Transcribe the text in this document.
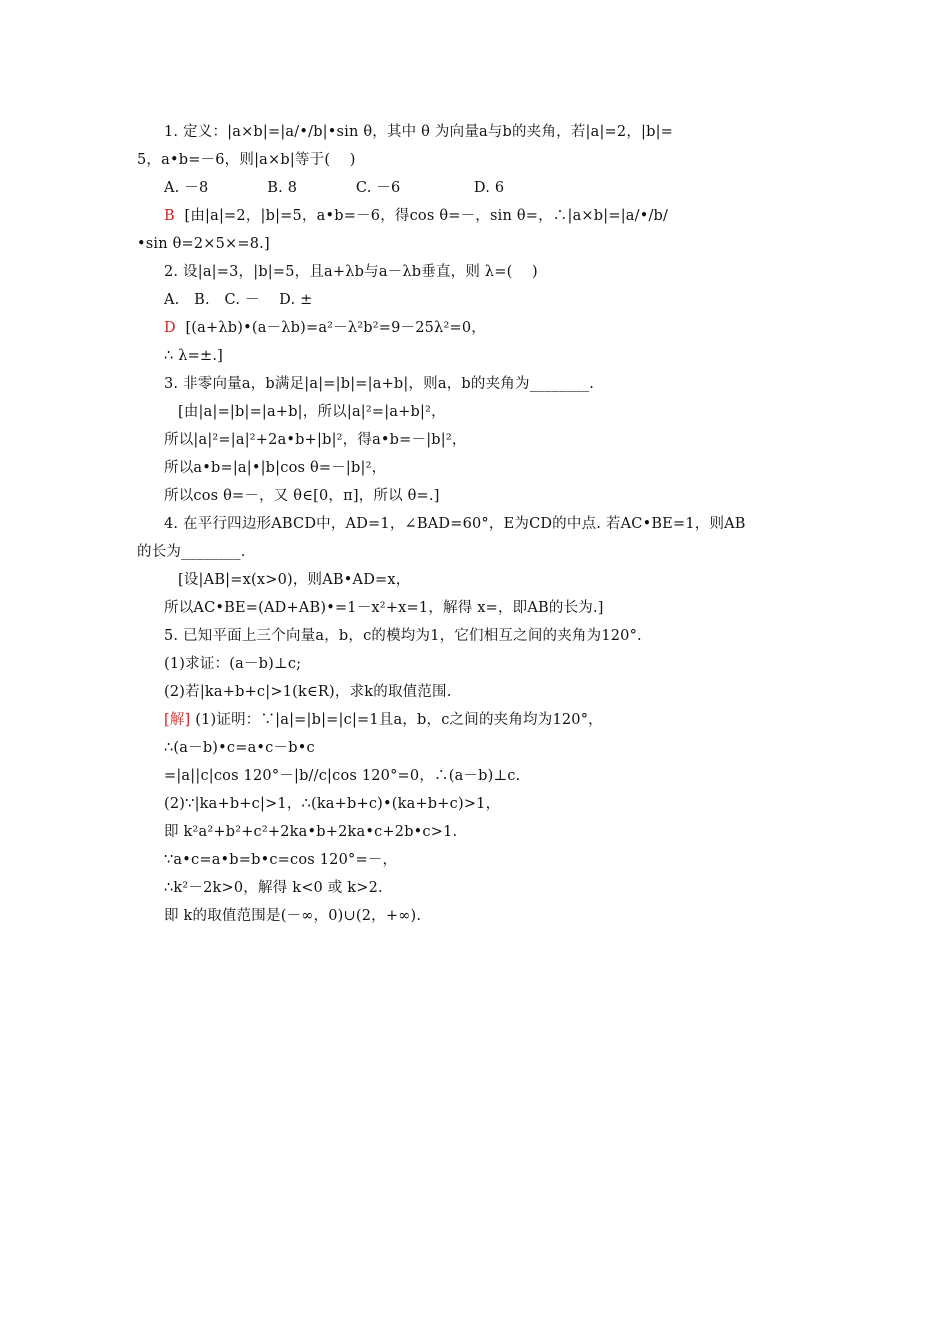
1. 定义：|a×b|=|a/•/b|•sin θ，其中 θ 为向量a与b的夹角，若|a|=2，|b|=
5，a•b=－6，则|a×b|等于(　 )
A. －8　　　　B. 8　　　　C. －6　　　　　D. 6
B [由|a|=2，|b|=5，a•b=－6，得cos θ=－，sin θ=，∴|a×b|=|a/•/b/
•sin θ=2×5×=8.]
2. 设|a|=3，|b|=5，且a+λb与a－λb垂直，则 λ=(　 )
A.　B.　C. －　 D. ±
D [(a+λb)•(a－λb)=a²－λ²b²=9－25λ²=0，
∴ λ=±.]
3. 非零向量a，b满足|a|=|b|=|a+b|，则a，b的夹角为________.
[由|a|=|b|=|a+b|，所以|a|²=|a+b|²，
所以|a|²=|a|²+2a•b+|b|²，得a•b=－|b|²，
所以a•b=|a|•|b|cos θ=－|b|²，
所以cos θ=－，又 θ∈[0，π]，所以 θ=.]
4. 在平行四边形ABCD中，AD=1，∠BAD=60°，E为CD的中点. 若AC•BE=1，则AB
的长为________.
[设|AB|=x(x>0)，则AB•AD=x，
所以AC•BE=(AD+AB)•=1－x²+x=1，解得 x=，即AB的长为.]
5. 已知平面上三个向量a，b，c的模均为1，它们相互之间的夹角为120°.
(1)求证：(a－b)⊥c;
(2)若|ka+b+c|>1(k∈R)，求k的取值范围.
[解] (1)证明：∵|a|=|b|=|c|=1且a，b，c之间的夹角均为120°，
∴(a－b)•c=a•c－b•c
=|a||c|cos 120°－|b//c|cos 120°=0，∴(a－b)⊥c.
(2)∵|ka+b+c|>1，∴(ka+b+c)•(ka+b+c)>1，
即 k²a²+b²+c²+2ka•b+2ka•c+2b•c>1.
∵a•c=a•b=b•c=cos 120°=－，
∴k²－2k>0，解得 k<0 或 k>2.
即 k的取值范围是(－∞，0)∪(2，+∞).
